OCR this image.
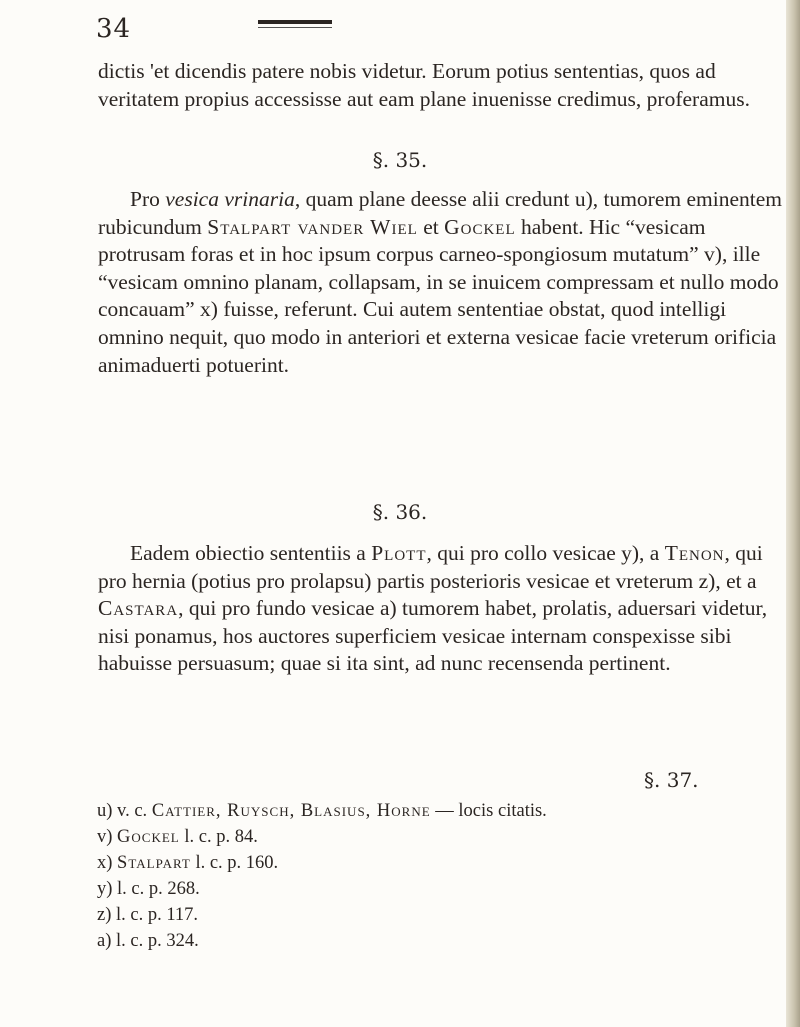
34

dictis 'et dicendis patere nobis videtur. Eorum potius sententias, quos ad veritatem propius accessisse aut eam plane inuenisse credimus, proferamus.

§. 35.

Pro vesica vrinaria, quam plane deesse alii credunt u), tumorem eminentem rubicundum Stalpart vander Wiel et Gockel habent. Hic “vesicam protrusam foras et in hoc ipsum corpus carneo-spongiosum mutatum” v), ille “vesicam omnino planam, collapsam, in se inuicem compressam et nullo modo concauam” x) fuisse, referunt. Cui autem sententiae obstat, quod intelligi omnino nequit, quo modo in anteriori et externa vesicae facie vreterum orificia animaduerti potuerint.

§. 36.

Eadem obiectio sententiis a Plott, qui pro collo vesicae y), a Tenon, qui pro hernia (potius pro prolapsu) partis posterioris vesicae et vreterum z), et a Castara, qui pro fundo vesicae a) tumorem habet, prolatis, aduersari videtur, nisi ponamus, hos auctores superficiem vesicae internam conspexisse sibi habuisse persuasum; quae si ita sint, ad nunc recensenda pertinent.

§. 37.
u) v. c. Cattier, Ruysch, Blasius, Horne — locis citatis.
v) Gockel l. c. p. 84.
x) Stalpart l. c. p. 160.
y) l. c. p. 268.
z) l. c. p. 117.
a) l. c. p. 324.
